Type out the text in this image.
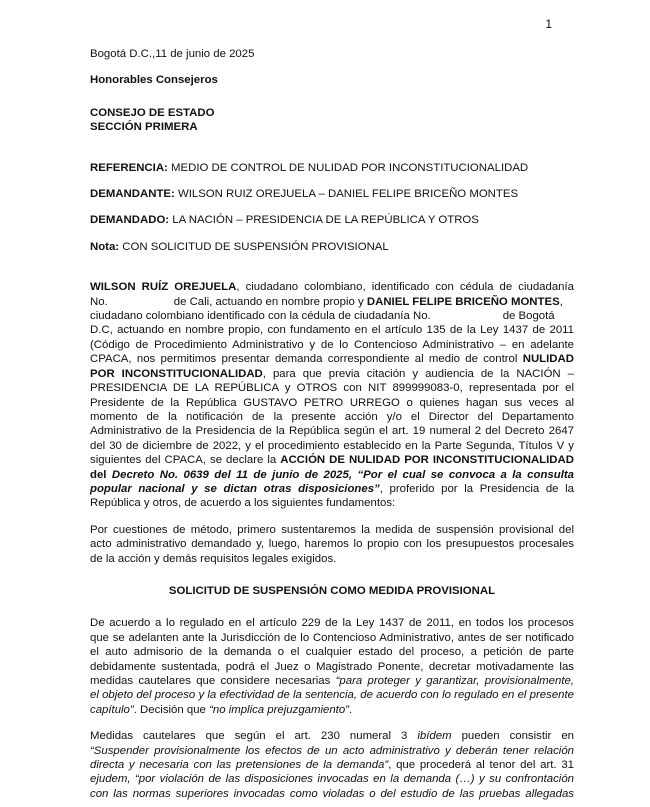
1

Bogotá D.C.,11 de junio de 2025

Honorables Consejeros

CONSEJO DE ESTADO

SECCIÓN PRIMERA

REFERENCIA: MEDIO DE CONTROL DE NULIDAD POR INCONSTITUCIONALIDAD

DEMANDANTE: WILSON RUIZ OREJUELA – DANIEL FELIPE BRICEÑO MONTES

DEMANDADO: LA NACIÓN – PRESIDENCIA DE LA REPÚBLICA Y OTROS

Nota: CON SOLICITUD DE SUSPENSIÓN PROVISIONAL

WILSON RUÍZ OREJUELA, ciudadano colombiano, identificado con cédula de ciudadanía
No.	de Cali, actuando en nombre propio y DANIEL FELIPE BRICEÑO MONTES,
ciudadano colombiano identificado con la cédula de ciudadanía No.	de Bogotá
D.C, actuando en nombre propio, con fundamento en el artículo 135 de la Ley 1437 de 2011
(Código de Procedimiento Administrativo y de lo Contencioso Administrativo – en adelante
CPACA, nos permitimos presentar demanda correspondiente al medio de control NULIDAD
POR INCONSTITUCIONALIDAD, para que previa citación y audiencia de la NACIÓN –
PRESIDENCIA DE LA REPÚBLICA y OTROS con NIT 899999083-0, representada por el
Presidente de la República GUSTAVO PETRO URREGO o quienes hagan sus veces al
momento de la notificación de la presente acción y/o el Director del Departamento
Administrativo de la Presidencia de la República según el art. 19 numeral 2 del Decreto 2647
del 30 de diciembre de 2022, y el procedimiento establecido en la Parte Segunda, Títulos V y
siguientes del CPACA, se declare la ACCIÓN DE NULIDAD POR INCONSTITUCIONALIDAD
del Decreto No. 0639 del 11 de junio de 2025, “Por el cual se convoca a la consulta
popular nacional y se dictan otras disposiciones”, proferido por la Presidencia de la
República y otros, de acuerdo a los siguientes fundamentos:
Por cuestiones de método, primero sustentaremos la medida de suspensión provisional del
acto administrativo demandado y, luego, haremos lo propio con los presupuestos procesales
de la acción y demás requisitos legales exigidos.

SOLICITUD DE SUSPENSIÓN COMO MEDIDA PROVISIONAL

De acuerdo a lo regulado en el artículo 229 de la Ley 1437 de 2011, en todos los procesos
que se adelanten ante la Jurisdicción de lo Contencioso Administrativo, antes de ser notificado
el auto admisorio de la demanda o el cualquier estado del proceso, a petición de parte
debidamente sustentada, podrá el Juez o Magistrado Ponente, decretar motivadamente las
medidas cautelares que considere necesarias “para proteger y garantizar, provisionalmente,
el objeto del proceso y la efectividad de la sentencia, de acuerdo con lo regulado en el presente
capítulo”. Decisión que “no implica prejuzgamiento”.
Medidas cautelares que según el art. 230 numeral 3 ibídem pueden consistir en
“Suspender provisionalmente los efectos de un acto administrativo y deberán tener relación
directa y necesaria con las pretensiones de la demanda”, que procederá al tenor del art. 31
ejudem, “por violación de las disposiciones invocadas en la demanda (…) y su confrontación
con las normas superiores invocadas como violadas o del estudio de las pruebas allegadas
